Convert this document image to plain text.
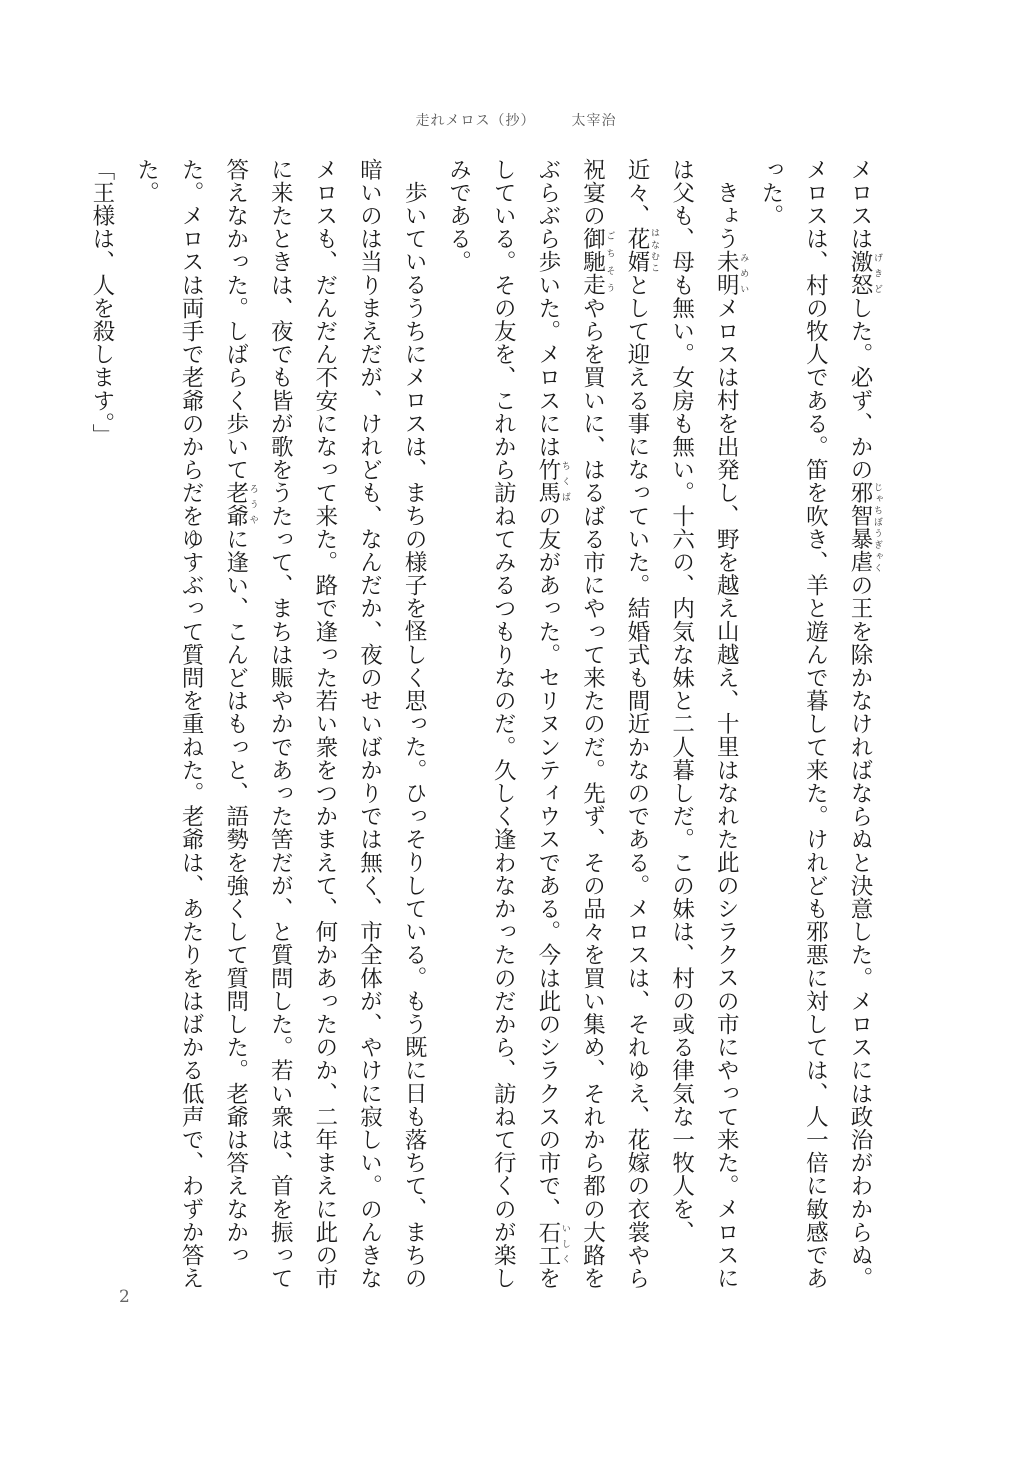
走れメロス（抄）	太宰治

メロスは激怒 げきどした。必ず、かの邪智暴虐 じゃちぼうぎゃくの王を除かなければならぬと決意した。メロスには政治がわからぬ。メロスは、村の牧人である。笛を吹き、羊と遊んで暮して来た。けれども邪悪に対しては、人一倍に敏感であった。

きょう未明 みめいメロスは村を出発し、野を越え山越え、十里はなれた此のシラクスの市にやって来た。メロスには父も、母も無い。女房も無い。十六の、内気な妹と二人暮しだ。この妹は、村の或る律気な一牧人を、近々、花婿 はなむことして迎える事になっていた。結婚式も間近かなのである。メロスは、それゆえ、花嫁の衣裳やら祝宴の御馳走 ごちそうやらを買いに、はるばる市にやって来たのだ。先ず、その品々を買い集め、それから都の大路をぶらぶら歩いた。メロスには竹馬 ちくばの友があった。セリヌンティウスである。今は此のシラクスの市で、石工 いしくをしている。その友を、これから訪ねてみるつもりなのだ。久しく逢わなかったのだから、訪ねて行くのが楽しみである。

歩いているうちにメロスは、まちの様子を怪しく思った。ひっそりしている。もう既に日も落ちて、まちの暗いのは当りまえだが、けれども、なんだか、夜のせいばかりでは無く、市全体が、やけに寂しい。のんきなメロスも、だんだん不安になって来た。路で逢った若い衆をつかまえて、何かあったのか、二年まえに此の市に来たときは、夜でも皆が歌をうたって、まちは賑やかであった筈だが、と質問した。若い衆は、首を振って答えなかった。しばらく歩いて老爺 ろうやに逢い、こんどはもっと、語勢を強くして質問した。老爺は答えなかった。メロスは両手で老爺のからだをゆすぶって質問を重ねた。老爺は、あたりをはばかる低声で、わずか答えた。

「王様は、人を殺します。」

2
